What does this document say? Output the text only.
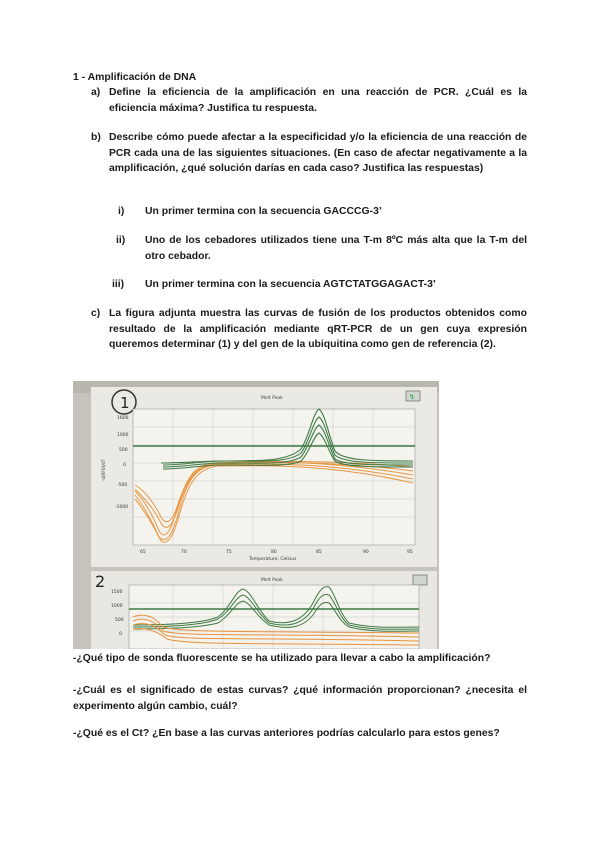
1 - Amplificación de DNA
a) Define la eficiencia de la amplificación en una reacción de PCR. ¿Cuál es la eficiencia máxima? Justifica tu respuesta.
b) Describe cómo puede afectar a la especificidad y/o la eficiencia de una reacción de PCR cada una de las siguientes situaciones. (En caso de afectar negativamente a la amplificación, ¿qué solución darías en cada caso? Justifica las respuestas)
i) Un primer termina con la secuencia GACCCG-3’
ii) Uno de los cebadores utilizados tiene una T-m 8ºC más alta que la T-m del otro cebador.
iii) Un primer termina con la secuencia AGTCTATGGAGACT-3’
c) La figura adjunta muestra las curvas de fusión de los productos obtenidos como resultado de la amplificación mediante qRT-PCR de un gen cuya expresión queremos determinar (1) y del gen de la ubiquitina como gen de referencia (2).
1	Melt Peak	↯
1600
1000
500
0
-500
-1000
-d(RFU)/dT
65	70	75	80	85	90	95
Temperature, Celsius
2	Melt Peak
1500
1000
500
0
-¿Qué tipo de sonda fluorescente se ha utilizado para llevar a cabo la amplificación?
-¿Cuál es el significado de estas curvas? ¿qué información proporcionan? ¿necesita el experimento algún cambio, cuál?
-¿Qué es el Ct? ¿En base a las curvas anteriores podrías calcularlo para estos genes?
